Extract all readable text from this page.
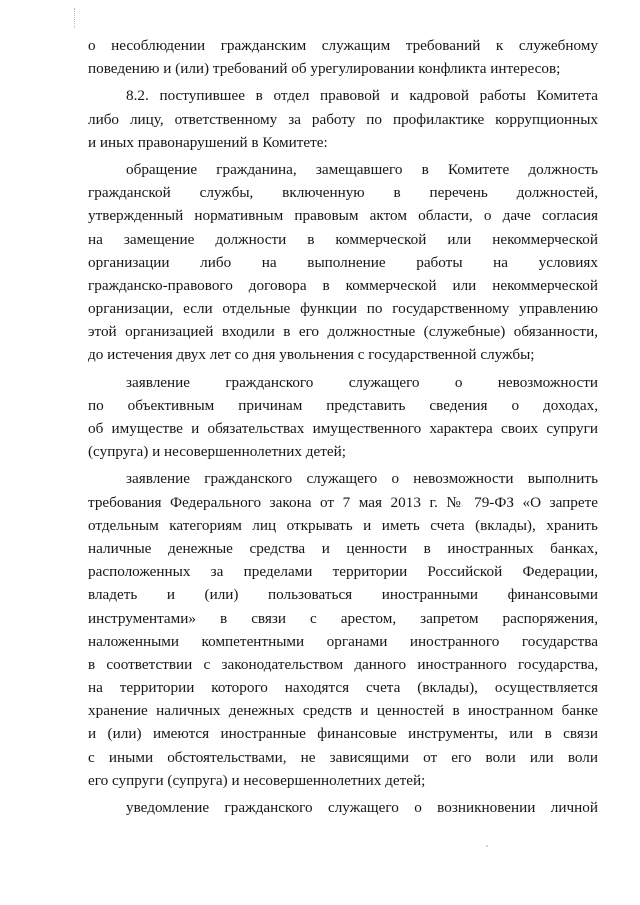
о несоблюдении гражданским служащим требований к служебному
поведению и (или) требований об урегулировании конфликта интересов;
8.2. поступившее в отдел правовой и кадровой работы Комитета
либо лицу, ответственному за работу по профилактике коррупционных
и иных правонарушений в Комитете:
обращение гражданина, замещавшего в Комитете должность
гражданской службы, включенную в перечень должностей,
утвержденный нормативным правовым актом области, о даче согласия
на замещение должности в коммерческой или некоммерческой
организации либо на выполнение работы на условиях
гражданско-правового договора в коммерческой или некоммерческой
организации, если отдельные функции по государственному управлению
этой организацией входили в его должностные (служебные) обязанности,
до истечения двух лет со дня увольнения с государственной службы;
заявление гражданского служащего о невозможности
по объективным причинам представить сведения о доходах,
об имуществе и обязательствах имущественного характера своих супруги
(супруга) и несовершеннолетних детей;
заявление гражданского служащего о невозможности выполнить
требования Федерального закона от 7 мая 2013 г. № 79-ФЗ «О запрете
отдельным категориям лиц открывать и иметь счета (вклады), хранить
наличные денежные средства и ценности в иностранных банках,
расположенных за пределами территории Российской Федерации,
владеть и (или) пользоваться иностранными финансовыми
инструментами» в связи с арестом, запретом распоряжения,
наложенными компетентными органами иностранного государства
в соответствии с законодательством данного иностранного государства,
на территории которого находятся счета (вклады), осуществляется
хранение наличных денежных средств и ценностей в иностранном банке
и (или) имеются иностранные финансовые инструменты, или в связи
с иными обстоятельствами, не зависящими от его воли или воли
его супруги (супруга) и несовершеннолетних детей;
уведомление гражданского служащего о возникновении личной
